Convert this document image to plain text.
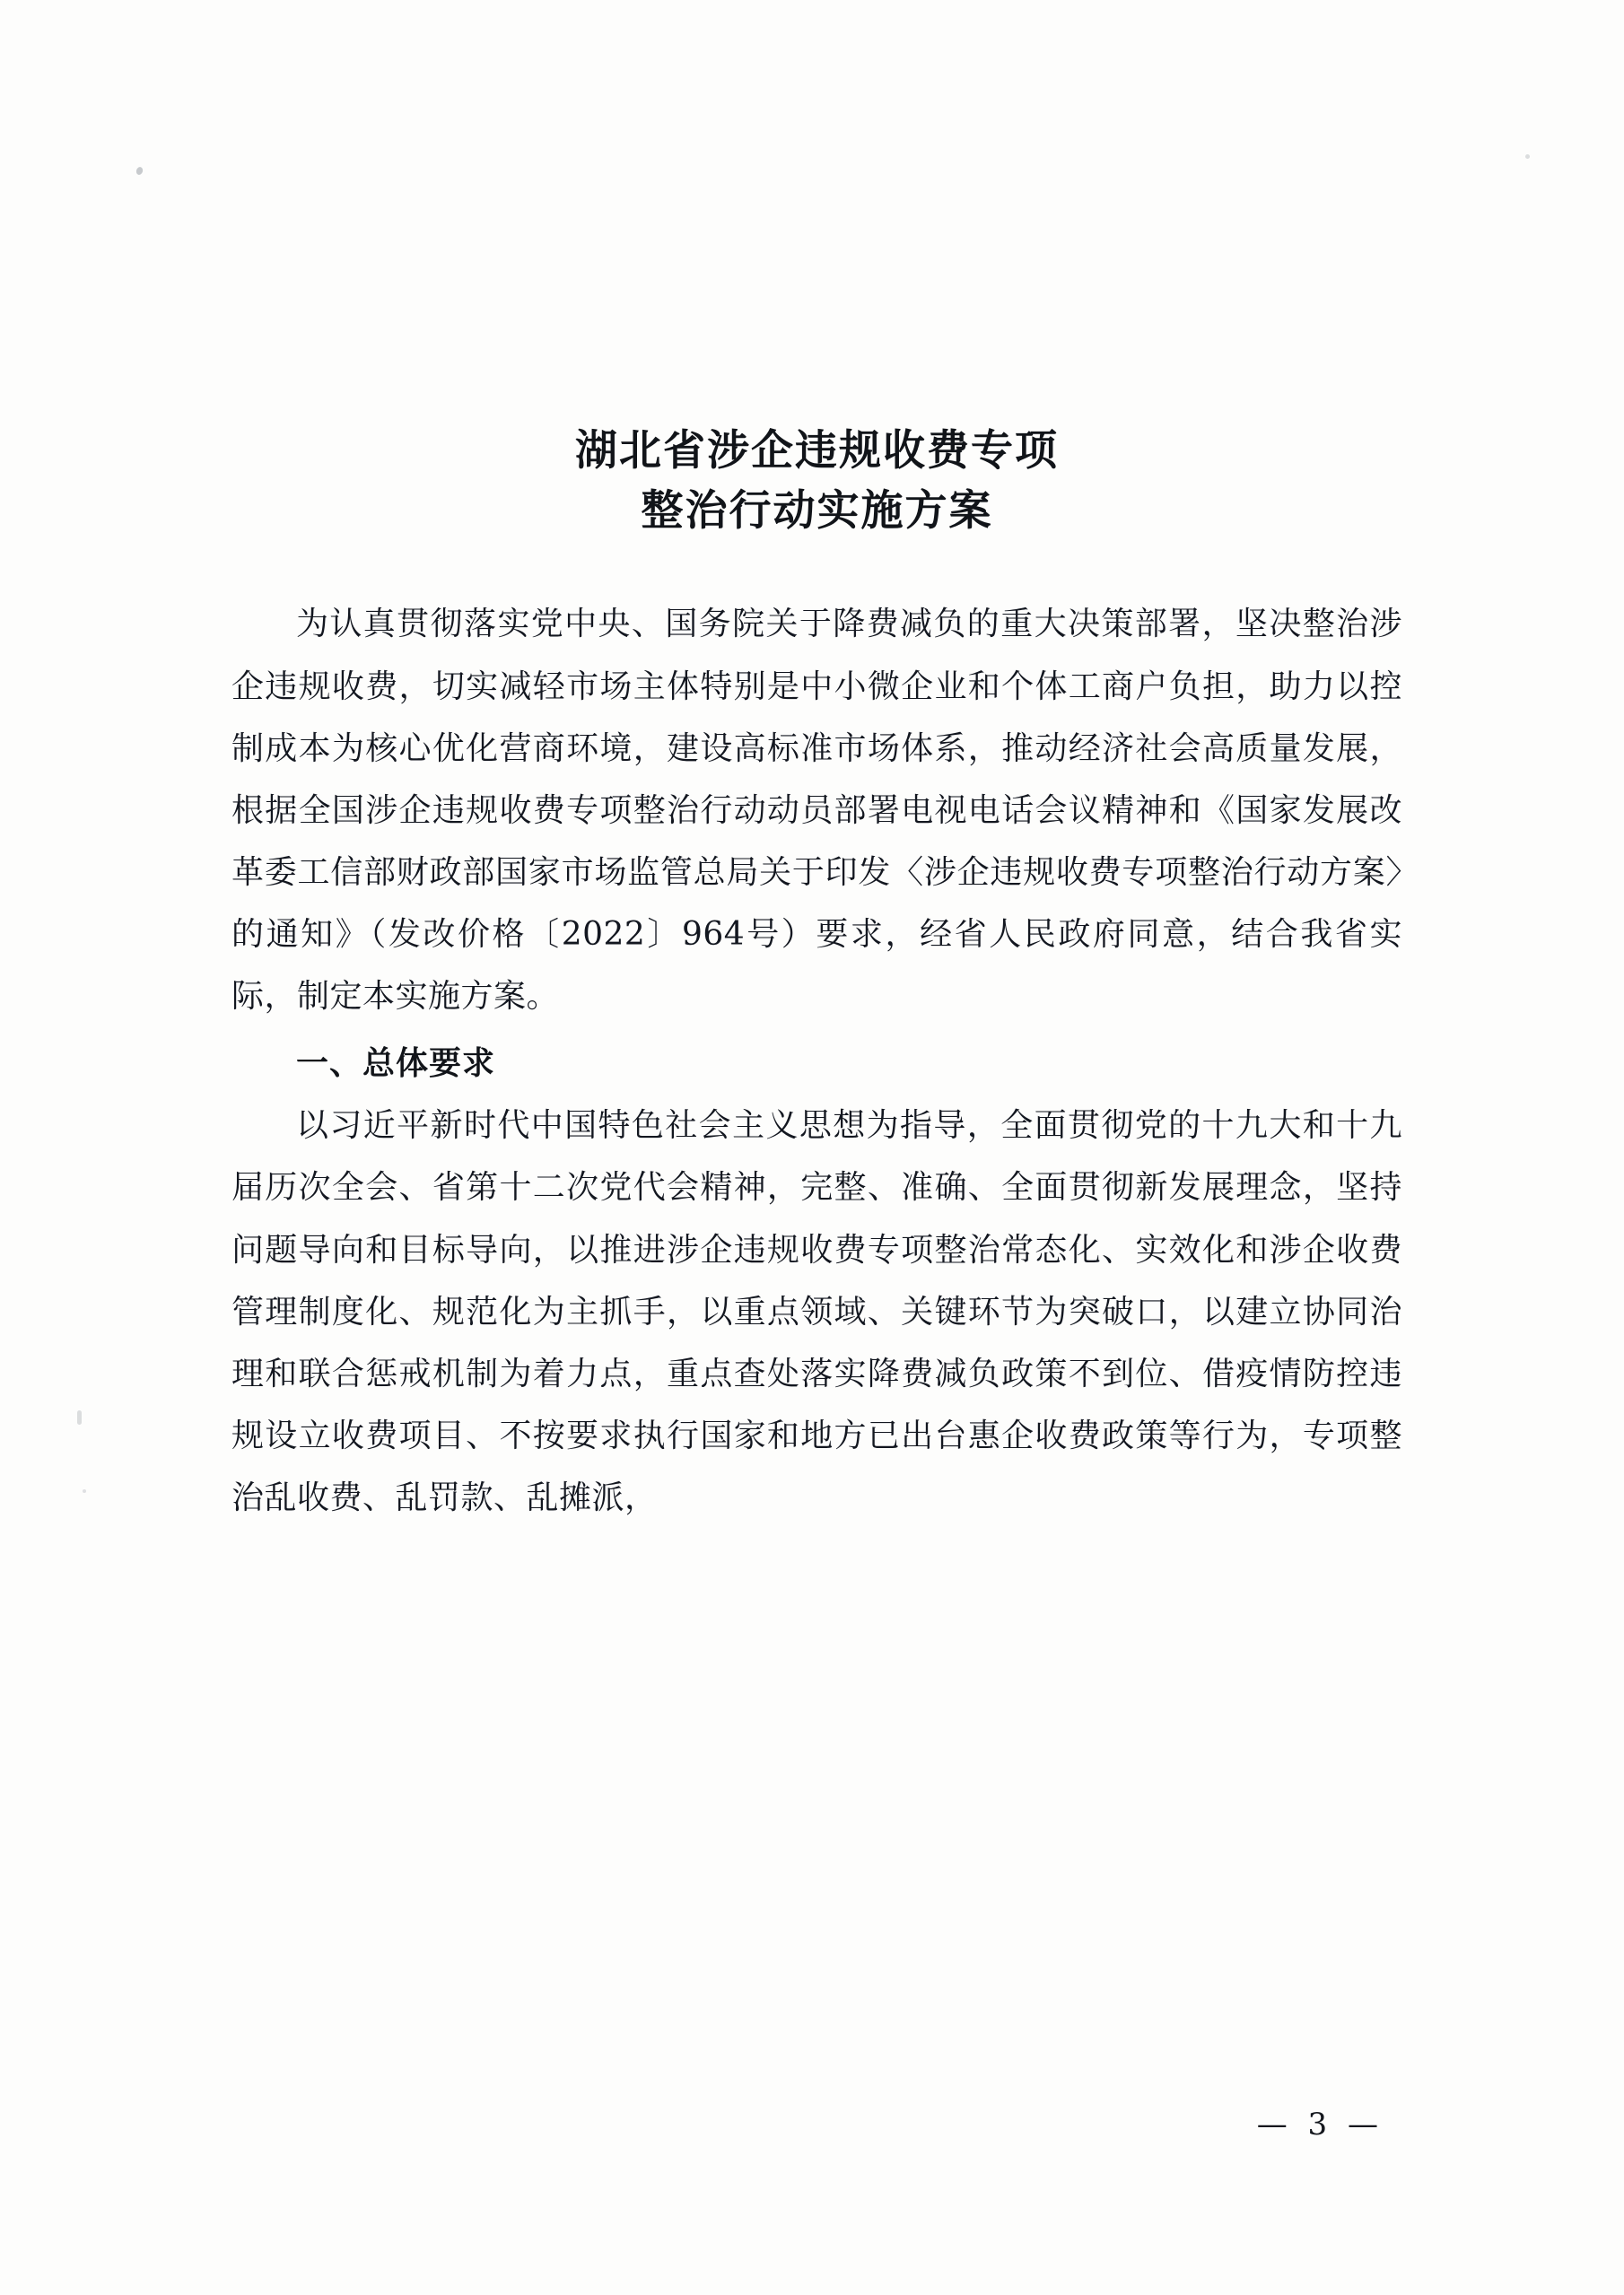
湖北省涉企违规收费专项
整治行动实施方案

为认真贯彻落实党中央、国务院关于降费减负的重大决策部署，坚决整治涉企违规收费，切实减轻市场主体特别是中小微企业和个体工商户负担，助力以控制成本为核心优化营商环境，建设高标准市场体系，推动经济社会高质量发展，根据全国涉企违规收费专项整治行动动员部署电视电话会议精神和《国家发展改革委工信部财政部国家市场监管总局关于印发〈涉企违规收费专项整治行动方案〉的通知》（发改价格〔2022〕964号）要求，经省人民政府同意，结合我省实际，制定本实施方案。

一、总体要求

以习近平新时代中国特色社会主义思想为指导，全面贯彻党的十九大和十九届历次全会、省第十二次党代会精神，完整、准确、全面贯彻新发展理念，坚持问题导向和目标导向，以推进涉企违规收费专项整治常态化、实效化和涉企收费管理制度化、规范化为主抓手，以重点领域、关键环节为突破口，以建立协同治理和联合惩戒机制为着力点，重点查处落实降费减负政策不到位、借疫情防控违规设立收费项目、不按要求执行国家和地方已出台惠企收费政策等行为，专项整治乱收费、乱罚款、乱摊派，

— 3 —
